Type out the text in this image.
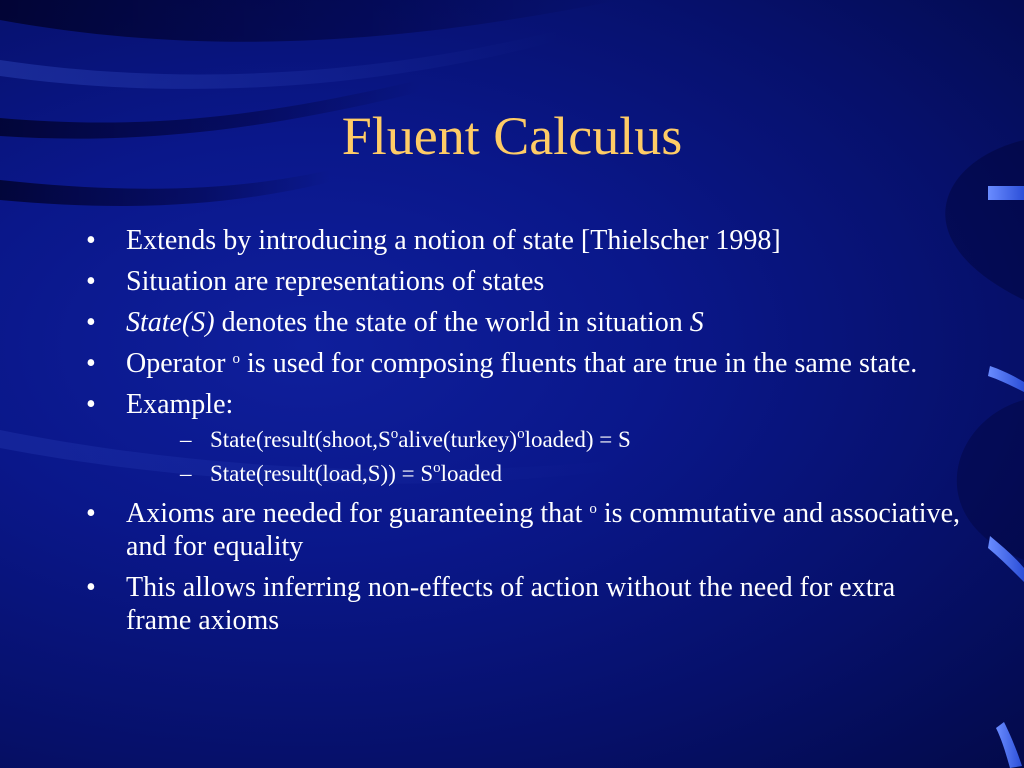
Fluent Calculus
• Extends by introducing a notion of state [Thielscher 1998]
• Situation are representations of states
• State(S) denotes the state of the world in situation S
• Operator $^o$ is used for composing fluents that are true in the same state.
• Example:
– $State(result(shoot,S^oalive(turkey)^oloaded) = S$
– State(result(load,S)) = $S^oloaded$
• Axioms are needed for guaranteeing that $^o$ is commutative and associative, and for equality
• This allows inferring non-effects of action without the need for extra frame axioms
